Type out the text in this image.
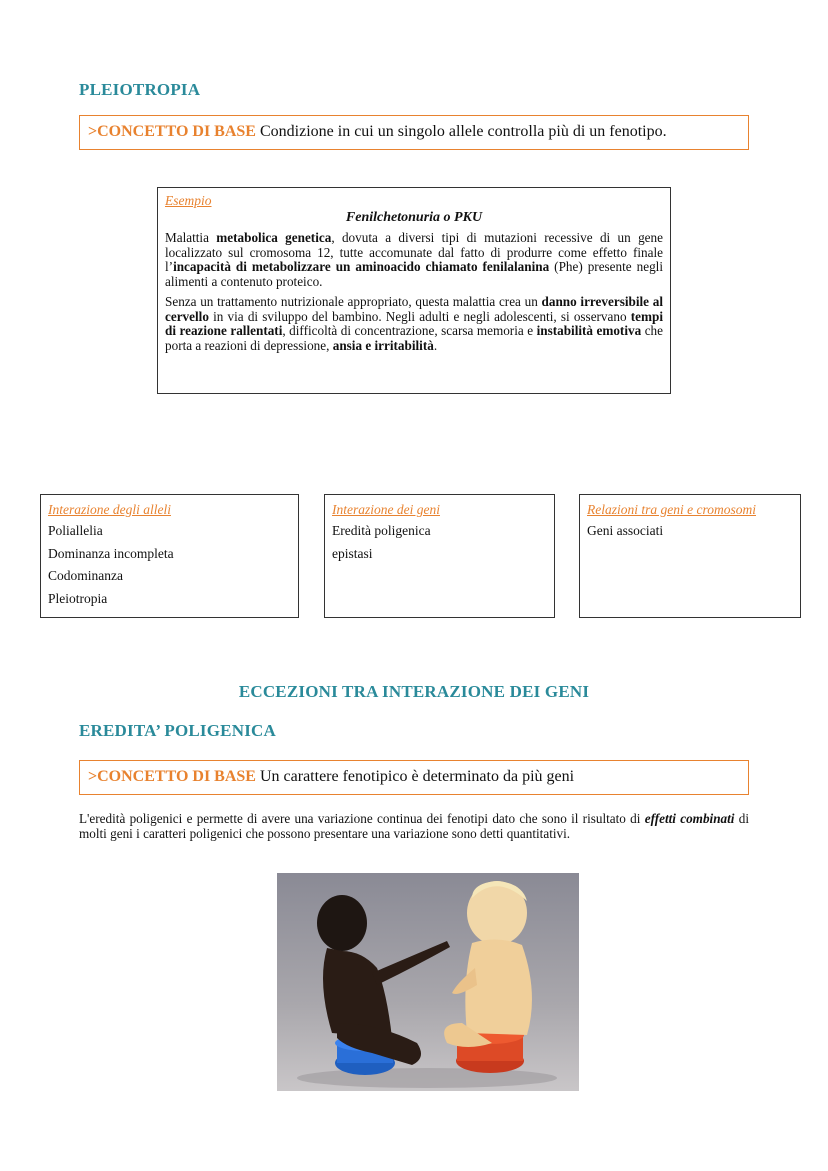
PLEIOTROPIA
>CONCETTO DI BASE Condizione in cui un singolo allele controlla più di un fenotipo.
Esempio
Fenilchetonuria o PKU

Malattia metabolica genetica, dovuta a diversi tipi di mutazioni recessive di un gene localizzato sul cromosoma 12, tutte accomunate dal fatto di produrre come effetto finale l’incapacità di metabolizzare un aminoacido chiamato fenilalanina (Phe) presente negli alimenti a contenuto proteico.

Senza un trattamento nutrizionale appropriato, questa malattia crea un danno irreversibile al cervello in via di sviluppo del bambino. Negli adulti e negli adolescenti, si osservano tempi di reazione rallentati, difficoltà di concentrazione, scarsa memoria e instabilità emotiva che porta a reazioni di depressione, ansia e irritabilità.

Interazione degli alleli
Poliallelia
Dominanza incompleta
Codominanza
Pleiotropia
Interazione dei geni
Eredità poligenica
epistasi
Relazioni tra geni e cromosomi
Geni associati
ECCEZIONI TRA INTERAZIONE DEI GENI
EREDITA’ POLIGENICA
>CONCETTO DI BASE Un carattere fenotipico è determinato da più geni
L'eredità poligenici e permette di avere una variazione continua dei fenotipi dato che sono il risultato di effetti combinati di molti geni i caratteri poligenici che possono presentare una variazione sono detti quantitativi.
